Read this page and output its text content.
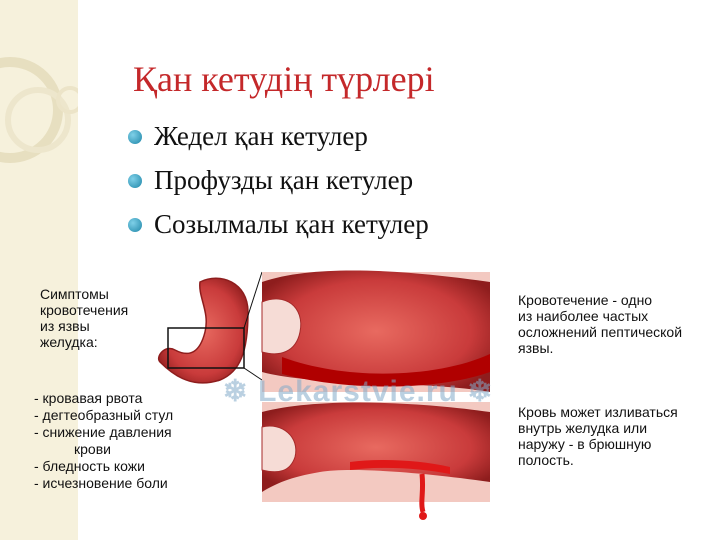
Қан кетудің түрлері
Жедел қан кетулер
Профузды қан кетулер
Созылмалы қан кетулер
❄ Lekarstvie.ru ❄
Симптомы
кровотечения
из язвы
желудка:
- кровавая рвота
- дегтеобразный стул
- снижение давления
крови
- бледность кожи
- исчезновение боли
Кровотечение - одно
из наиболее частых
осложнений пептической
язвы.
Кровь может изливаться
внутрь желудка или
наружу - в брюшную
полость.
